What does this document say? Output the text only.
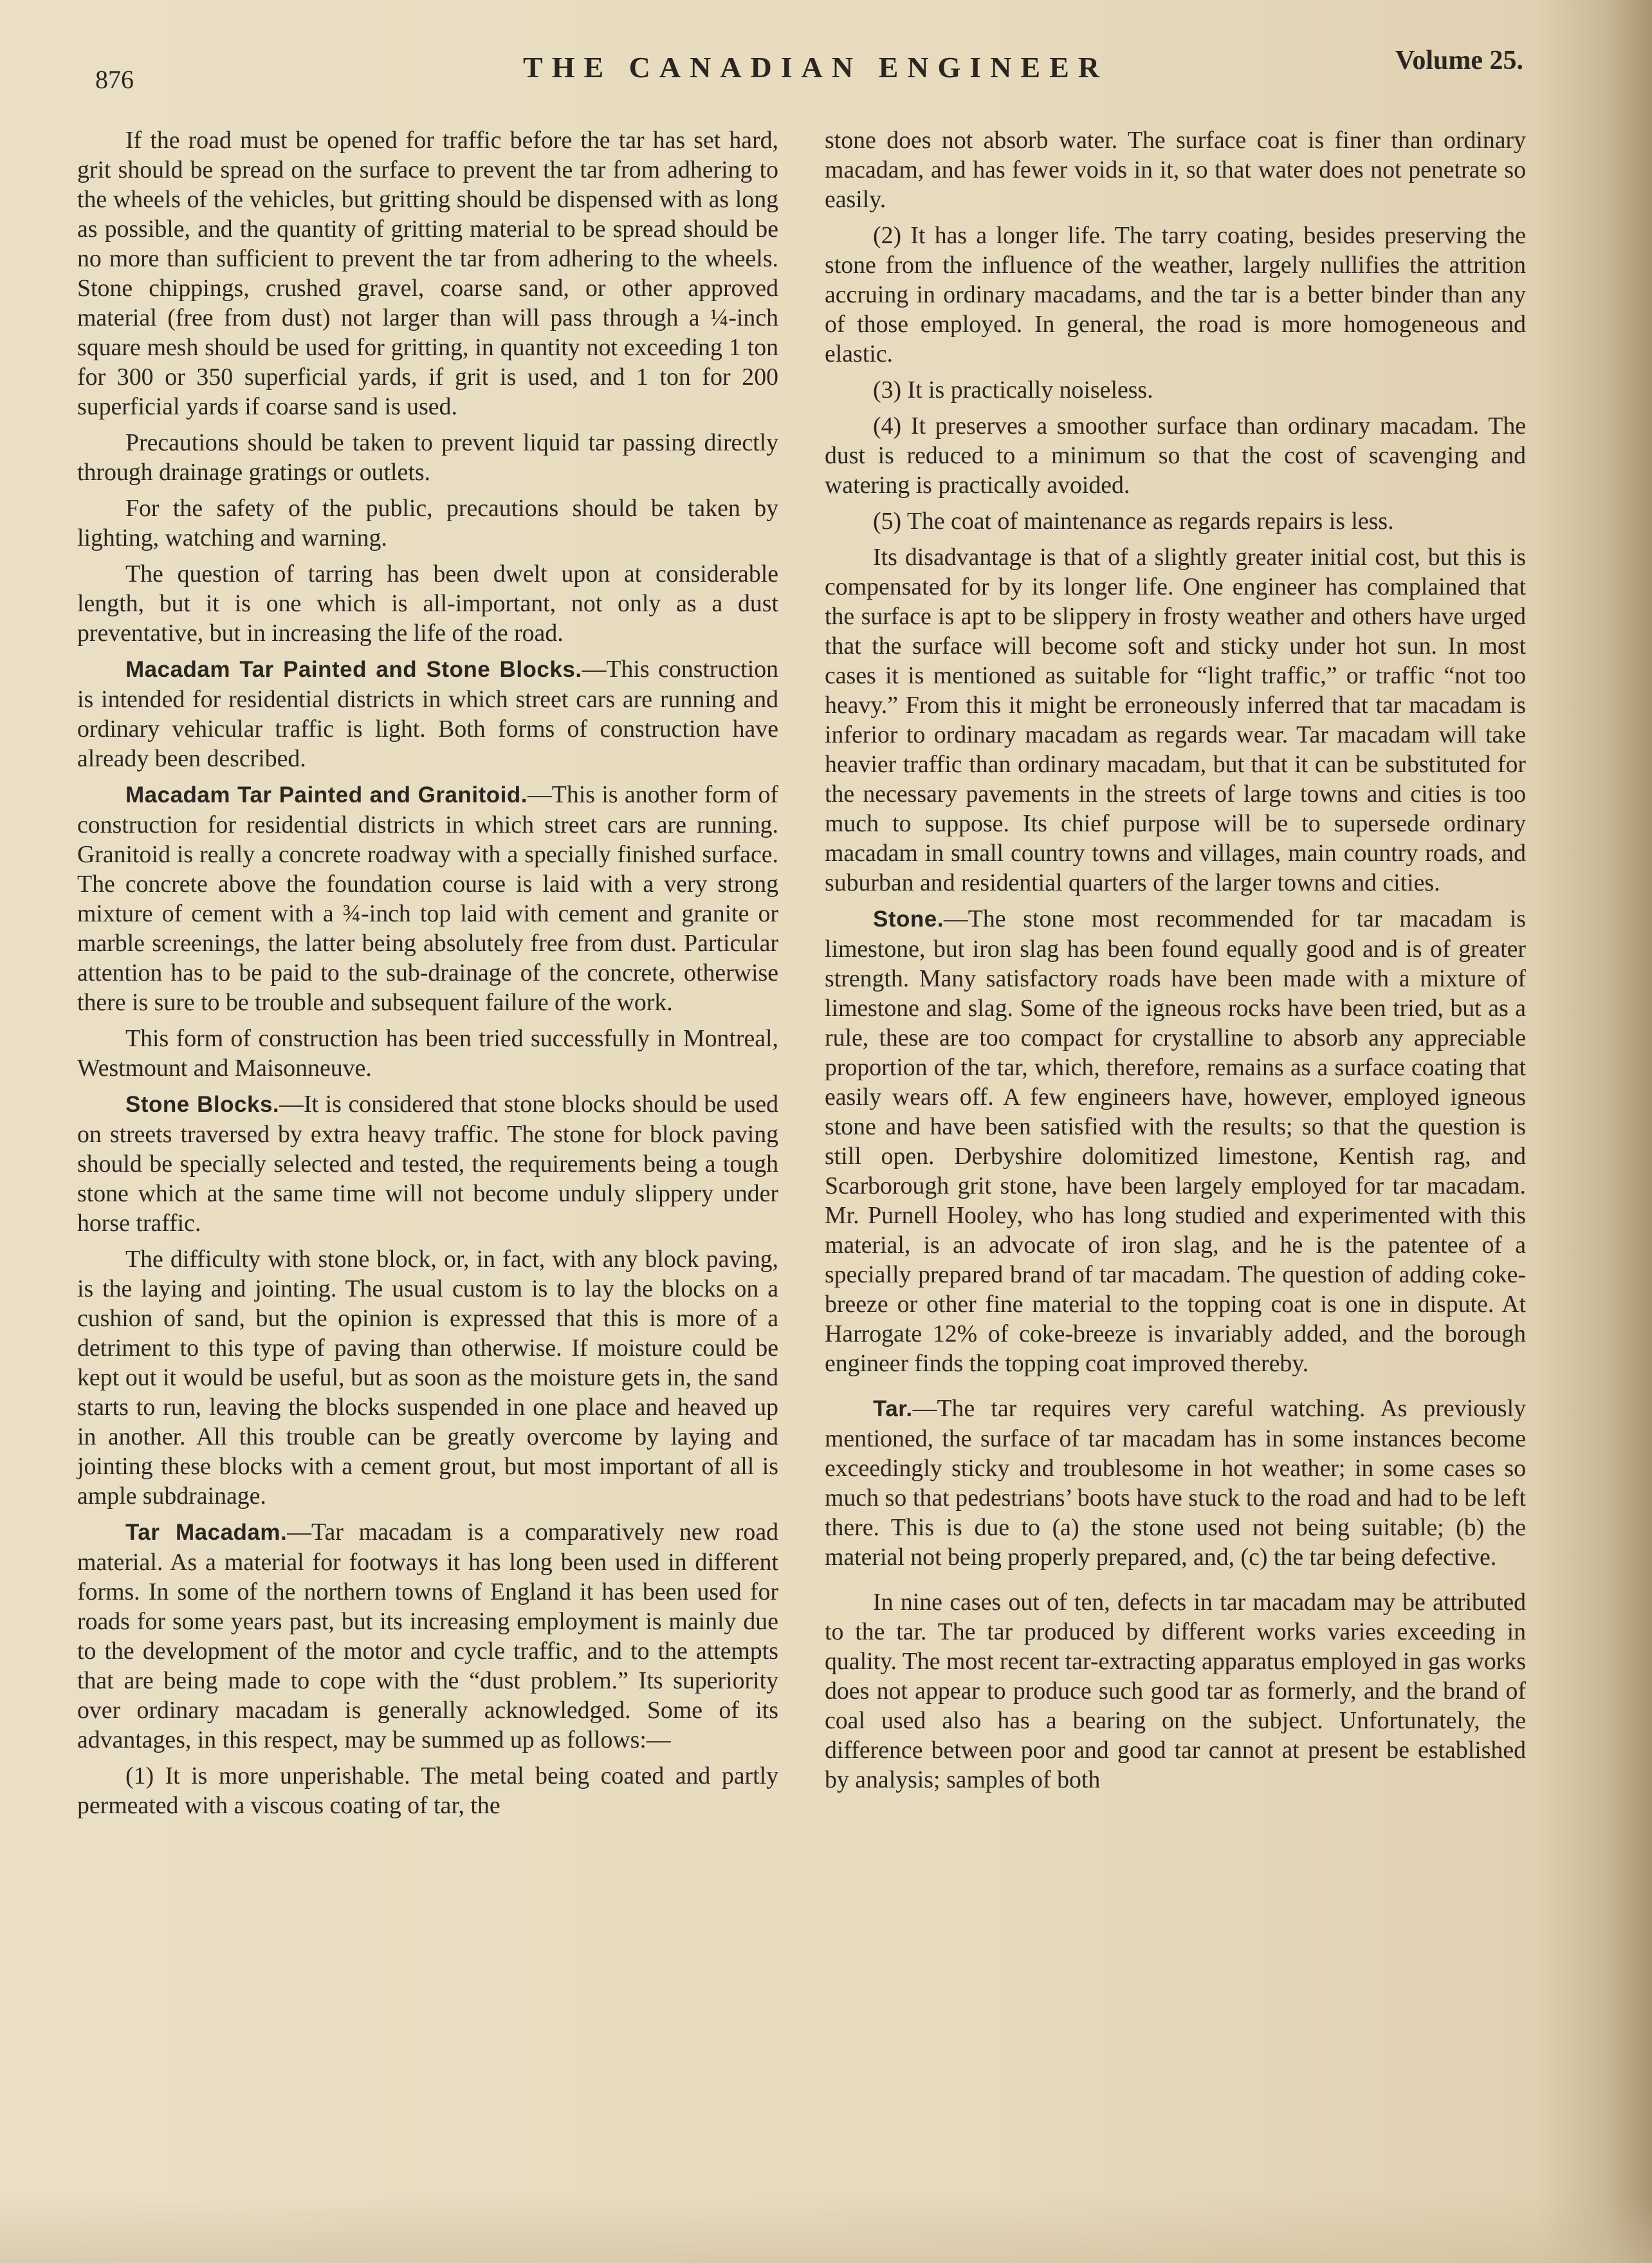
876	THE CANADIAN ENGINEER	Volume 25.

If the road must be opened for traffic before the tar has set hard, grit should be spread on the surface to prevent the tar from adhering to the wheels of the vehicles, but gritting should be dispensed with as long as possible, and the quantity of gritting material to be spread should be no more than sufficient to prevent the tar from adhering to the wheels. Stone chippings, crushed gravel, coarse sand, or other approved material (free from dust) not larger than will pass through a ¼-inch square mesh should be used for gritting, in quantity not exceeding 1 ton for 300 or 350 superficial yards, if grit is used, and 1 ton for 200 superficial yards if coarse sand is used.

Precautions should be taken to prevent liquid tar passing directly through drainage gratings or outlets.

For the safety of the public, precautions should be taken by lighting, watching and warning.

The question of tarring has been dwelt upon at considerable length, but it is one which is all-important, not only as a dust preventative, but in increasing the life of the road.

Macadam Tar Painted and Stone Blocks.—This construction is intended for residential districts in which street cars are running and ordinary vehicular traffic is light. Both forms of construction have already been described.

Macadam Tar Painted and Granitoid.—This is another form of construction for residential districts in which street cars are running. Granitoid is really a concrete roadway with a specially finished surface. The concrete above the foundation course is laid with a very strong mixture of cement with a ¾-inch top laid with cement and granite or marble screenings, the latter being absolutely free from dust. Particular attention has to be paid to the sub-drainage of the concrete, otherwise there is sure to be trouble and subsequent failure of the work.

This form of construction has been tried successfully in Montreal, Westmount and Maisonneuve.

Stone Blocks.—It is considered that stone blocks should be used on streets traversed by extra heavy traffic. The stone for block paving should be specially selected and tested, the requirements being a tough stone which at the same time will not become unduly slippery under horse traffic.

The difficulty with stone block, or, in fact, with any block paving, is the laying and jointing. The usual custom is to lay the blocks on a cushion of sand, but the opinion is expressed that this is more of a detriment to this type of paving than otherwise. If moisture could be kept out it would be useful, but as soon as the moisture gets in, the sand starts to run, leaving the blocks suspended in one place and heaved up in another. All this trouble can be greatly overcome by laying and jointing these blocks with a cement grout, but most important of all is ample subdrainage.

Tar Macadam.—Tar macadam is a comparatively new road material. As a material for footways it has long been used in different forms. In some of the northern towns of England it has been used for roads for some years past, but its increasing employment is mainly due to the development of the motor and cycle traffic, and to the attempts that are being made to cope with the “dust problem.” Its superiority over ordinary macadam is generally acknowledged. Some of its advantages, in this respect, may be summed up as follows:—

(1) It is more unperishable. The metal being coated and partly permeated with a viscous coating of tar, the

stone does not absorb water. The surface coat is finer than ordinary macadam, and has fewer voids in it, so that water does not penetrate so easily.

(2) It has a longer life. The tarry coating, besides preserving the stone from the influence of the weather, largely nullifies the attrition accruing in ordinary macadams, and the tar is a better binder than any of those employed. In general, the road is more homogeneous and elastic.

(3) It is practically noiseless.

(4) It preserves a smoother surface than ordinary macadam. The dust is reduced to a minimum so that the cost of scavenging and watering is practically avoided.

(5) The coat of maintenance as regards repairs is less.

Its disadvantage is that of a slightly greater initial cost, but this is compensated for by its longer life. One engineer has complained that the surface is apt to be slippery in frosty weather and others have urged that the surface will become soft and sticky under hot sun. In most cases it is mentioned as suitable for “light traffic,” or traffic “not too heavy.” From this it might be erroneously inferred that tar macadam is inferior to ordinary macadam as regards wear. Tar macadam will take heavier traffic than ordinary macadam, but that it can be substituted for the necessary pavements in the streets of large towns and cities is too much to suppose. Its chief purpose will be to supersede ordinary macadam in small country towns and villages, main country roads, and suburban and residential quarters of the larger towns and cities.

Stone.—The stone most recommended for tar macadam is limestone, but iron slag has been found equally good and is of greater strength. Many satisfactory roads have been made with a mixture of limestone and slag. Some of the igneous rocks have been tried, but as a rule, these are too compact for crystalline to absorb any appreciable proportion of the tar, which, therefore, remains as a surface coating that easily wears off. A few engineers have, however, employed igneous stone and have been satisfied with the results; so that the question is still open. Derbyshire dolomitized limestone, Kentish rag, and Scarborough grit stone, have been largely employed for tar macadam. Mr. Purnell Hooley, who has long studied and experimented with this material, is an advocate of iron slag, and he is the patentee of a specially prepared brand of tar macadam. The question of adding coke-breeze or other fine material to the topping coat is one in dispute. At Harrogate 12% of coke-breeze is invariably added, and the borough engineer finds the topping coat improved thereby.

Tar.—The tar requires very careful watching. As previously mentioned, the surface of tar macadam has in some instances become exceedingly sticky and troublesome in hot weather; in some cases so much so that pedestrians’ boots have stuck to the road and had to be left there. This is due to (a) the stone used not being suitable; (b) the material not being properly prepared, and, (c) the tar being defective.

In nine cases out of ten, defects in tar macadam may be attributed to the tar. The tar produced by different works varies exceeding in quality. The most recent tar-extracting apparatus employed in gas works does not appear to produce such good tar as formerly, and the brand of coal used also has a bearing on the subject. Unfortunately, the difference between poor and good tar cannot at present be established by analysis; samples of both
